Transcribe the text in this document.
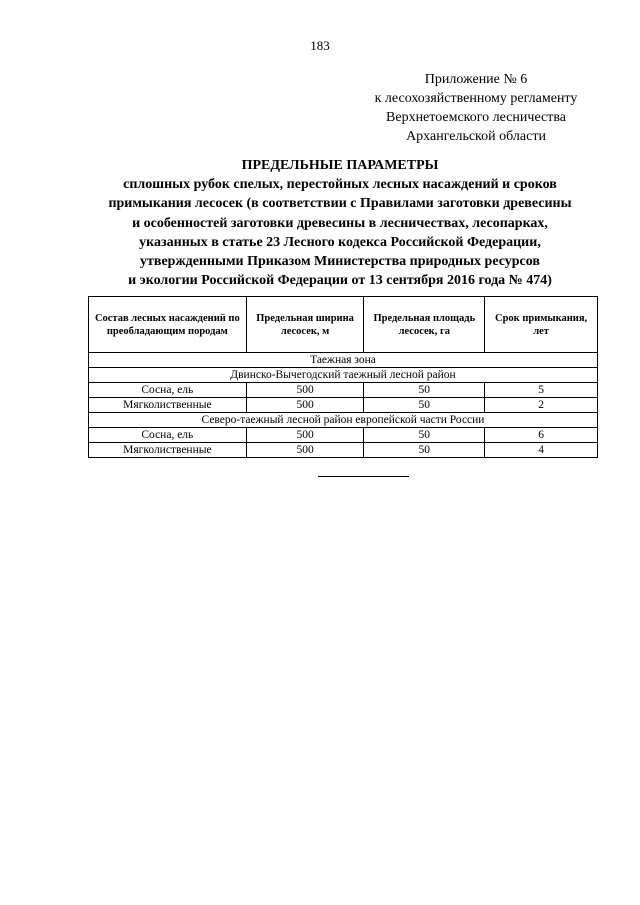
183
Приложение № 6
к лесохозяйственному регламенту
Верхнетоемского лесничества
Архангельской области
ПРЕДЕЛЬНЫЕ ПАРАМЕТРЫ
сплошных рубок спелых, перестойных лесных насаждений и сроков
примыкания лесосек (в соответствии с Правилами заготовки древесины
и особенностей заготовки древесины в лесничествах, лесопарках,
указанных в статье 23 Лесного кодекса Российской Федерации,
утвержденными Приказом Министерства природных ресурсов
и экологии Российской Федерации от 13 сентября 2016 года № 474)
Состав лесных насаждений по преобладающим породам	Предельная ширина лесосек, м	Предельная площадь лесосек, га	Срок примыкания, лет
Таежная зона			
Двинско-Вычегодский таежный лесной район			
Сосна, ель	500	50	5
Мягколиственные	500	50	2
Северо-таежный лесной район европейской части России			
Сосна, ель	500	50	6
Мягколиственные	500	50	4
